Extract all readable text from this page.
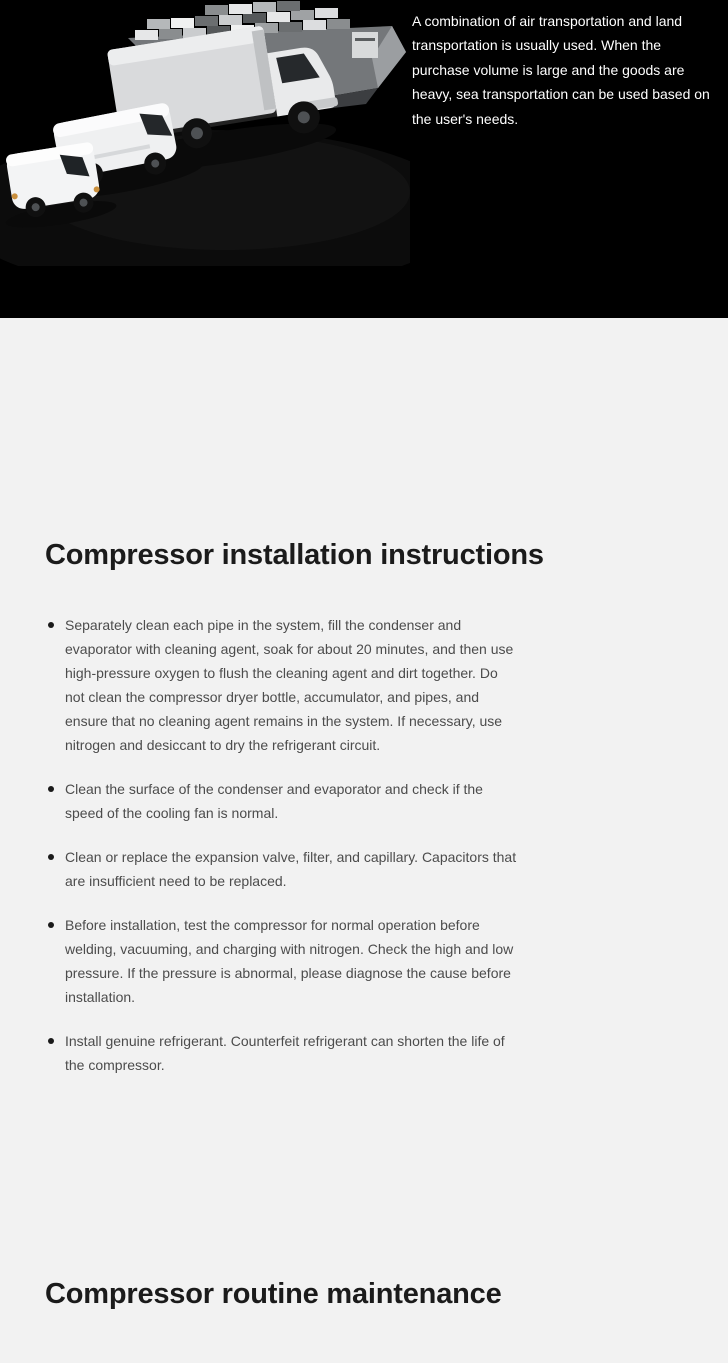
A combination of air transportation and land transportation is usually used. When the purchase volume is large and the goods are heavy, sea transportation can be used based on the user's needs.

Compressor installation instructions
Separately clean each pipe in the system, fill the condenser and evaporator with cleaning agent, soak for about 20 minutes, and then use high-pressure oxygen to flush the cleaning agent and dirt together. Do not clean the compressor dryer bottle, accumulator, and pipes, and ensure that no cleaning agent remains in the system. If necessary, use nitrogen and desiccant to dry the refrigerant circuit.
Clean the surface of the condenser and evaporator and check if the speed of the cooling fan is normal.
Clean or replace the expansion valve, filter, and capillary. Capacitors that are insufficient need to be replaced.
Before installation, test the compressor for normal operation before welding, vacuuming, and charging with nitrogen. Check the high and low pressure. If the pressure is abnormal, please diagnose the cause before installation.
Install genuine refrigerant. Counterfeit refrigerant can shorten the life of the compressor.
Compressor routine maintenance
